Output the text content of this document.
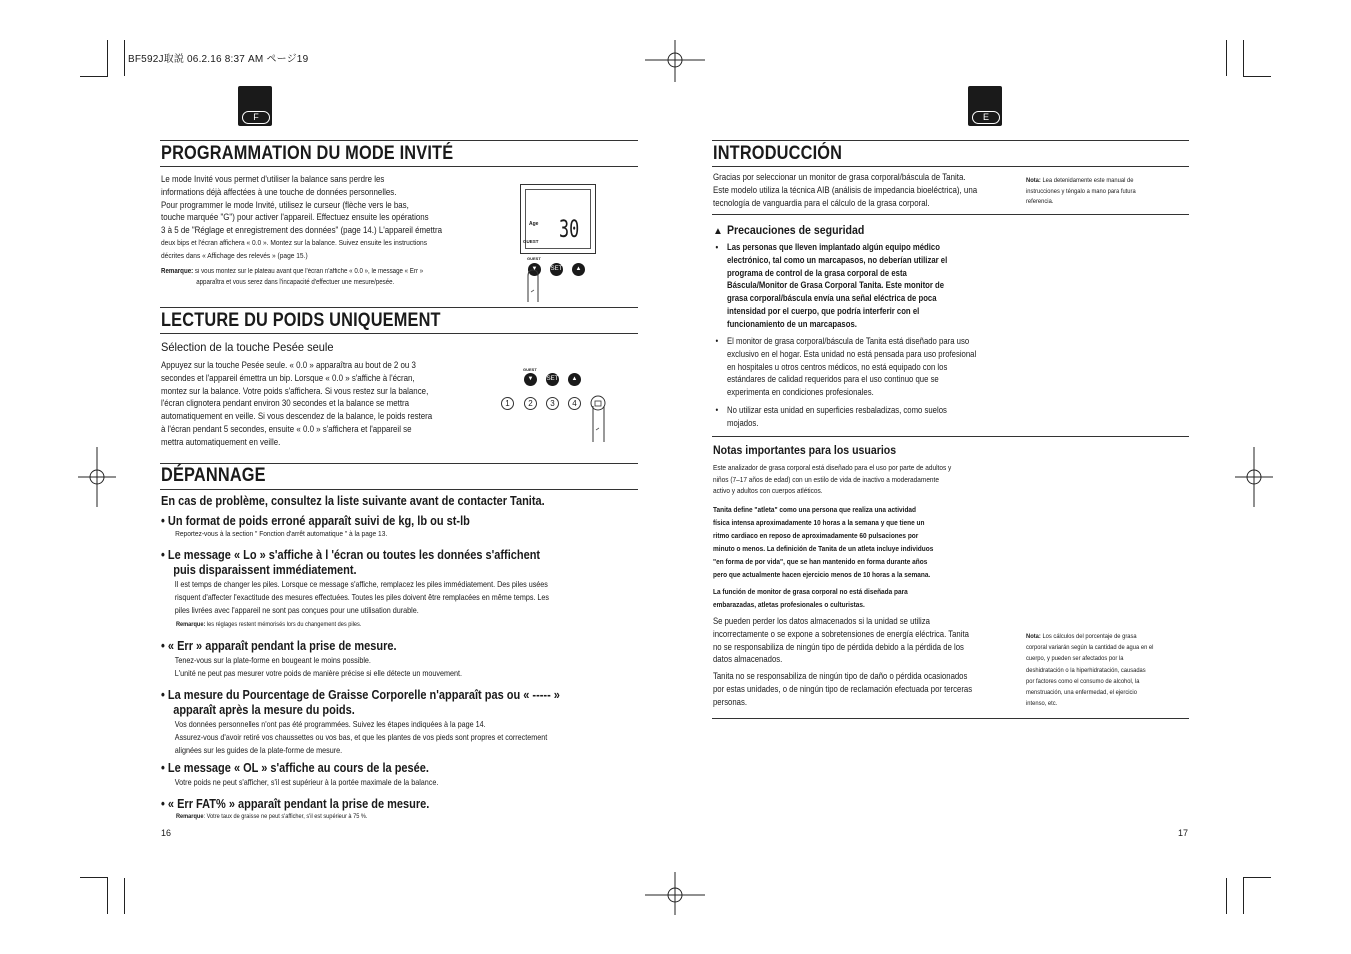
BF592J取説 06.2.16 8:37 AM ページ19
F
PROGRAMMATION DU MODE INVITÉ
Le mode Invité vous permet d'utiliser la balance sans perdre les
informations déjà affectées à une touche de données personnelles.
Pour programmer le mode Invité, utilisez le curseur (flèche vers le bas,
touche marquée "G") pour activer l'appareil. Effectuez ensuite les opérations
3 à 5 de "Réglage et enregistrement des données" (page 14.) L'appareil émettra
deux bips et l'écran affichera « 0.0 ». Montez sur la balance. Suivez ensuite les instructions
décrites dans « Affichage des relevés » (page 15.)
Remarque: si vous montez sur le plateau avant que l'écran n'affiche « 0.0 », le message « Err »
apparaîtra et vous serez dans l'incapacité d'effectuer une mesure/pesée.
Age
GUEST 30
GUEST
▼	SET	▲
LECTURE DU POIDS UNIQUEMENT
Sélection de la touche Pesée seule
Appuyez sur la touche Pesée seule. « 0.0 » apparaîtra au bout de 2 ou 3
secondes et l'appareil émettra un bip. Lorsque « 0.0 » s'affiche à l'écran,
montez sur la balance. Votre poids s'affichera. Si vous restez sur la balance,
l'écran clignotera pendant environ 30 secondes et la balance se mettra
automatiquement en veille. Si vous descendez de la balance, le poids restera
à l'écran pendant 5 secondes, ensuite « 0.0 » s'affichera et l'appareil se
mettra automatiquement en veille.
GUEST
▼	SET	▲
1	2	3	4
DÉPANNAGE
En cas de problème, consultez la liste suivante avant de contacter Tanita.
• Un format de poids erroné apparaît suivi de kg, lb ou st-lb
Reportez-vous à la section " Fonction d'arrêt automatique " à la page 13.
• Le message « Lo » s'affiche à l 'écran ou toutes les données s'affichent
puis disparaissent immédiatement.
Il est temps de changer les piles. Lorsque ce message s'affiche, remplacez les piles immédiatement. Des piles usées
risquent d'affecter l'exactitude des mesures effectuées. Toutes les piles doivent être remplacées en même temps. Les
piles livrées avec l'appareil ne sont pas conçues pour une utilisation durable.
Remarque: les réglages restent mémorisés lors du changement des piles.
• « Err » apparaît pendant la prise de mesure.
Tenez-vous sur la plate-forme en bougeant le moins possible.
L'unité ne peut pas mesurer votre poids de manière précise si elle détecte un mouvement.
• La mesure du Pourcentage de Graisse Corporelle n'apparaît pas ou « ----- »
apparaît après la mesure du poids.
Vos données personnelles n'ont pas été programmées. Suivez les étapes indiquées à la page 14.
Assurez-vous d'avoir retiré vos chaussettes ou vos bas, et que les plantes de vos pieds sont propres et correctement
alignées sur les guides de la plate-forme de mesure.
• Le message « OL » s'affiche au cours de la pesée.
Votre poids ne peut s'afficher, s'il est supérieur à la portée maximale de la balance.
• « Err FAT% » apparaît pendant la prise de mesure.
Remarque: Votre taux de graisse ne peut s'afficher, s'il est supérieur à 75 %.
16
E
INTRODUCCIÓN
Gracias por seleccionar un monitor de grasa corporal/báscula de Tanita.
Este modelo utiliza la técnica AIB (análisis de impedancia bioeléctrica), una
tecnología de vanguardia para el cálculo de la grasa corporal.
Nota: Lea detenidamente este manual de
instrucciones y téngalo a mano para futura
referencia.
▲ Precauciones de seguridad
• Las personas que lleven implantado algún equipo médico
electrónico, tal como un marcapasos, no deberían utilizar el
programa de control de la grasa corporal de esta
Báscula/Monitor de Grasa Corporal Tanita. Este monitor de
grasa corporal/báscula envía una señal eléctrica de poca
intensidad por el cuerpo, que podría interferir con el
funcionamiento de un marcapasos.
• El monitor de grasa corporal/báscula de Tanita está diseñado para uso
exclusivo en el hogar. Esta unidad no está pensada para uso profesional
en hospitales u otros centros médicos, no está equipado con los
estándares de calidad requeridos para el uso continuo que se
experimenta en condiciones profesionales.
• No utilizar esta unidad en superficies resbaladizas, como suelos
mojados.
Notas importantes para los usuarios
Este analizador de grasa corporal está diseñado para el uso por parte de adultos y
niños (7–17 años de edad) con un estilo de vida de inactivo a moderadamente
activo y adultos con cuerpos atléticos.
Tanita define "atleta" como una persona que realiza una actividad
física intensa aproximadamente 10 horas a la semana y que tiene un
ritmo cardiaco en reposo de aproximadamente 60 pulsaciones por
minuto o menos. La definición de Tanita de un atleta incluye individuos
"en forma de por vida", que se han mantenido en forma durante años
pero que actualmente hacen ejercicio menos de 10 horas a la semana.
La función de monitor de grasa corporal no está diseñada para
embarazadas, atletas profesionales o culturistas.
Se pueden perder los datos almacenados si la unidad se utiliza
incorrectamente o se expone a sobretensiones de energía eléctrica. Tanita
no se responsabiliza de ningún tipo de pérdida debido a la pérdida de los
datos almacenados.
Tanita no se responsabiliza de ningún tipo de daño o pérdida ocasionados
por estas unidades, o de ningún tipo de reclamación efectuada por terceras
personas.
Nota: Los cálculos del porcentaje de grasa
corporal variarán según la cantidad de agua en el
cuerpo, y pueden ser afectados por la
deshidratación o la hiperhidratación, causadas
por factores como el consumo de alcohol, la
menstruación, una enfermedad, el ejercicio
intenso, etc.
17
